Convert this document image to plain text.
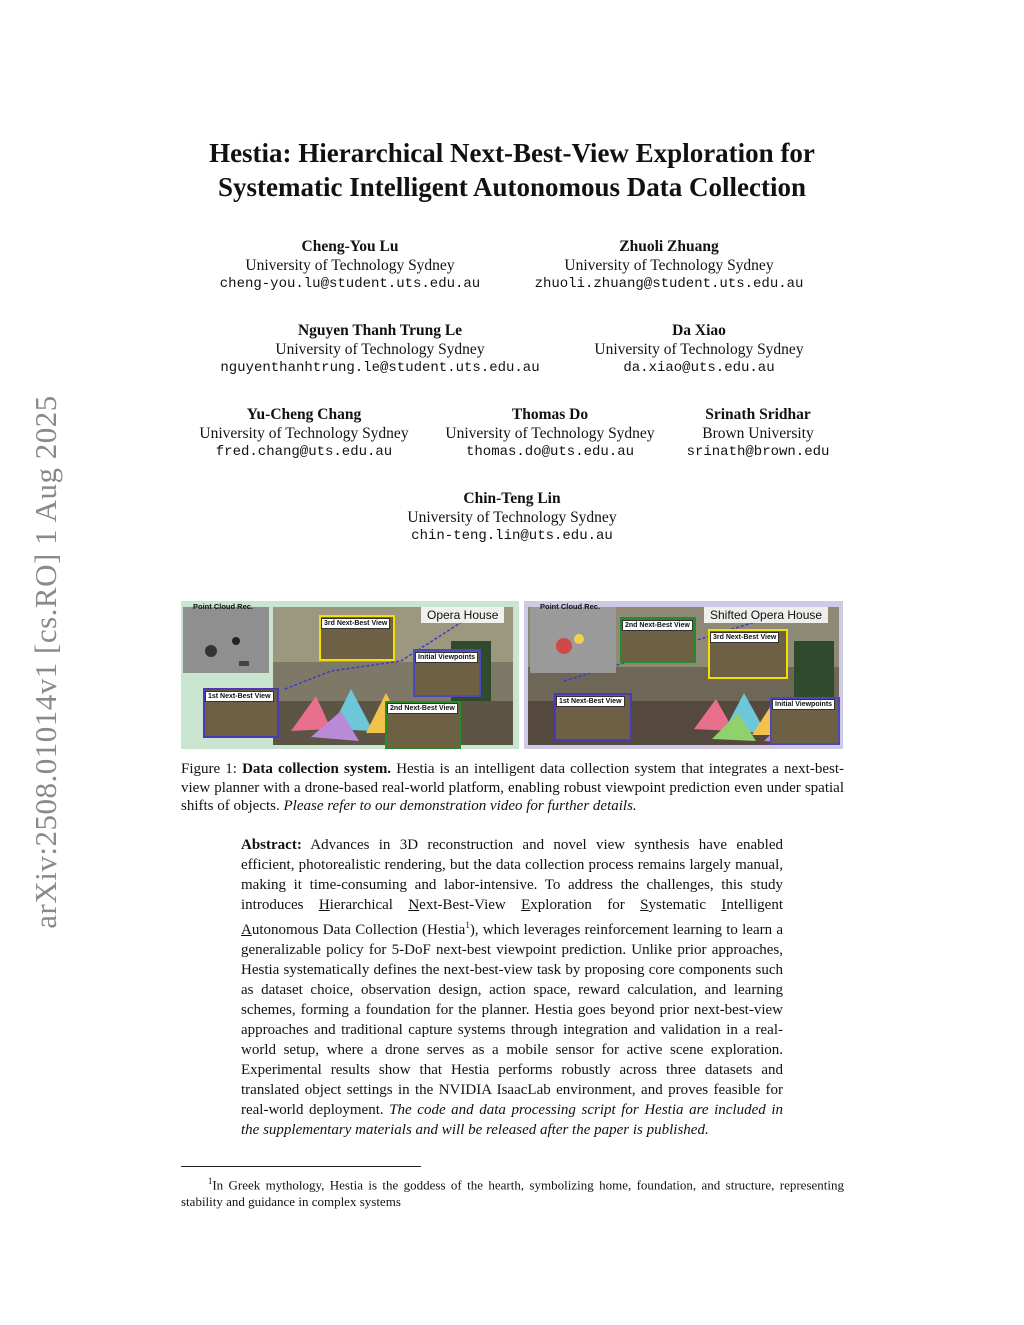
arXiv:2508.01014v1 [cs.RO] 1 Aug 2025
Hestia: Hierarchical Next-Best-View Exploration for
Systematic Intelligent Autonomous Data Collection
Cheng-You Lu
University of Technology Sydney
cheng-you.lu@student.uts.edu.au
Zhuoli Zhuang
University of Technology Sydney
zhuoli.zhuang@student.uts.edu.au
Nguyen Thanh Trung Le
University of Technology Sydney
nguyenthanhtrung.le@student.uts.edu.au
Da Xiao
University of Technology Sydney
da.xiao@uts.edu.au
Yu-Cheng Chang
University of Technology Sydney
fred.chang@uts.edu.au
Thomas Do
University of Technology Sydney
thomas.do@uts.edu.au
Srinath Sridhar
Brown University
srinath@brown.edu
Chin-Teng Lin
University of Technology Sydney
chin-teng.lin@uts.edu.au
Point Cloud Rec.
Opera House
3rd Next-Best View
Initial Viewpoints
1st Next-Best View
2nd Next-Best View
Point Cloud Rec.
Shifted Opera House
2nd Next-Best View
3rd Next-Best View
1st Next-Best View	Initial Viewpoints
Figure 1: Data collection system. Hestia is an intelligent data collection system that integrates a next-best-view planner with a drone-based real-world platform, enabling robust viewpoint prediction even under spatial shifts of objects. Please refer to our demonstration video for further details.
Abstract: Advances in 3D reconstruction and novel view synthesis have enabled efficient, photorealistic rendering, but the data collection process remains largely manual, making it time-consuming and labor-intensive. To address the challenges, this study introduces Hierarchical Next-Best-View Exploration for Systematic Intelligent Autonomous Data Collection (Hestia$^1$), which leverages reinforcement learning to learn a generalizable policy for 5-DoF next-best viewpoint prediction. Unlike prior approaches, Hestia systematically defines the next-best-view task by proposing core components such as dataset choice, observation design, action space, reward calculation, and learning schemes, forming a foundation for the planner. Hestia goes beyond prior next-best-view approaches and traditional capture systems through integration and validation in a real-world setup, where a drone serves as a mobile sensor for active scene exploration. Experimental results show that Hestia performs robustly across three datasets and translated object settings in the NVIDIA IsaacLab environment, and proves feasible for real-world deployment. The code and data processing script for Hestia are included in the supplementary materials and will be released after the paper is published.
$^1$In Greek mythology, Hestia is the goddess of the hearth, symbolizing home, foundation, and structure, representing stability and guidance in complex systems
